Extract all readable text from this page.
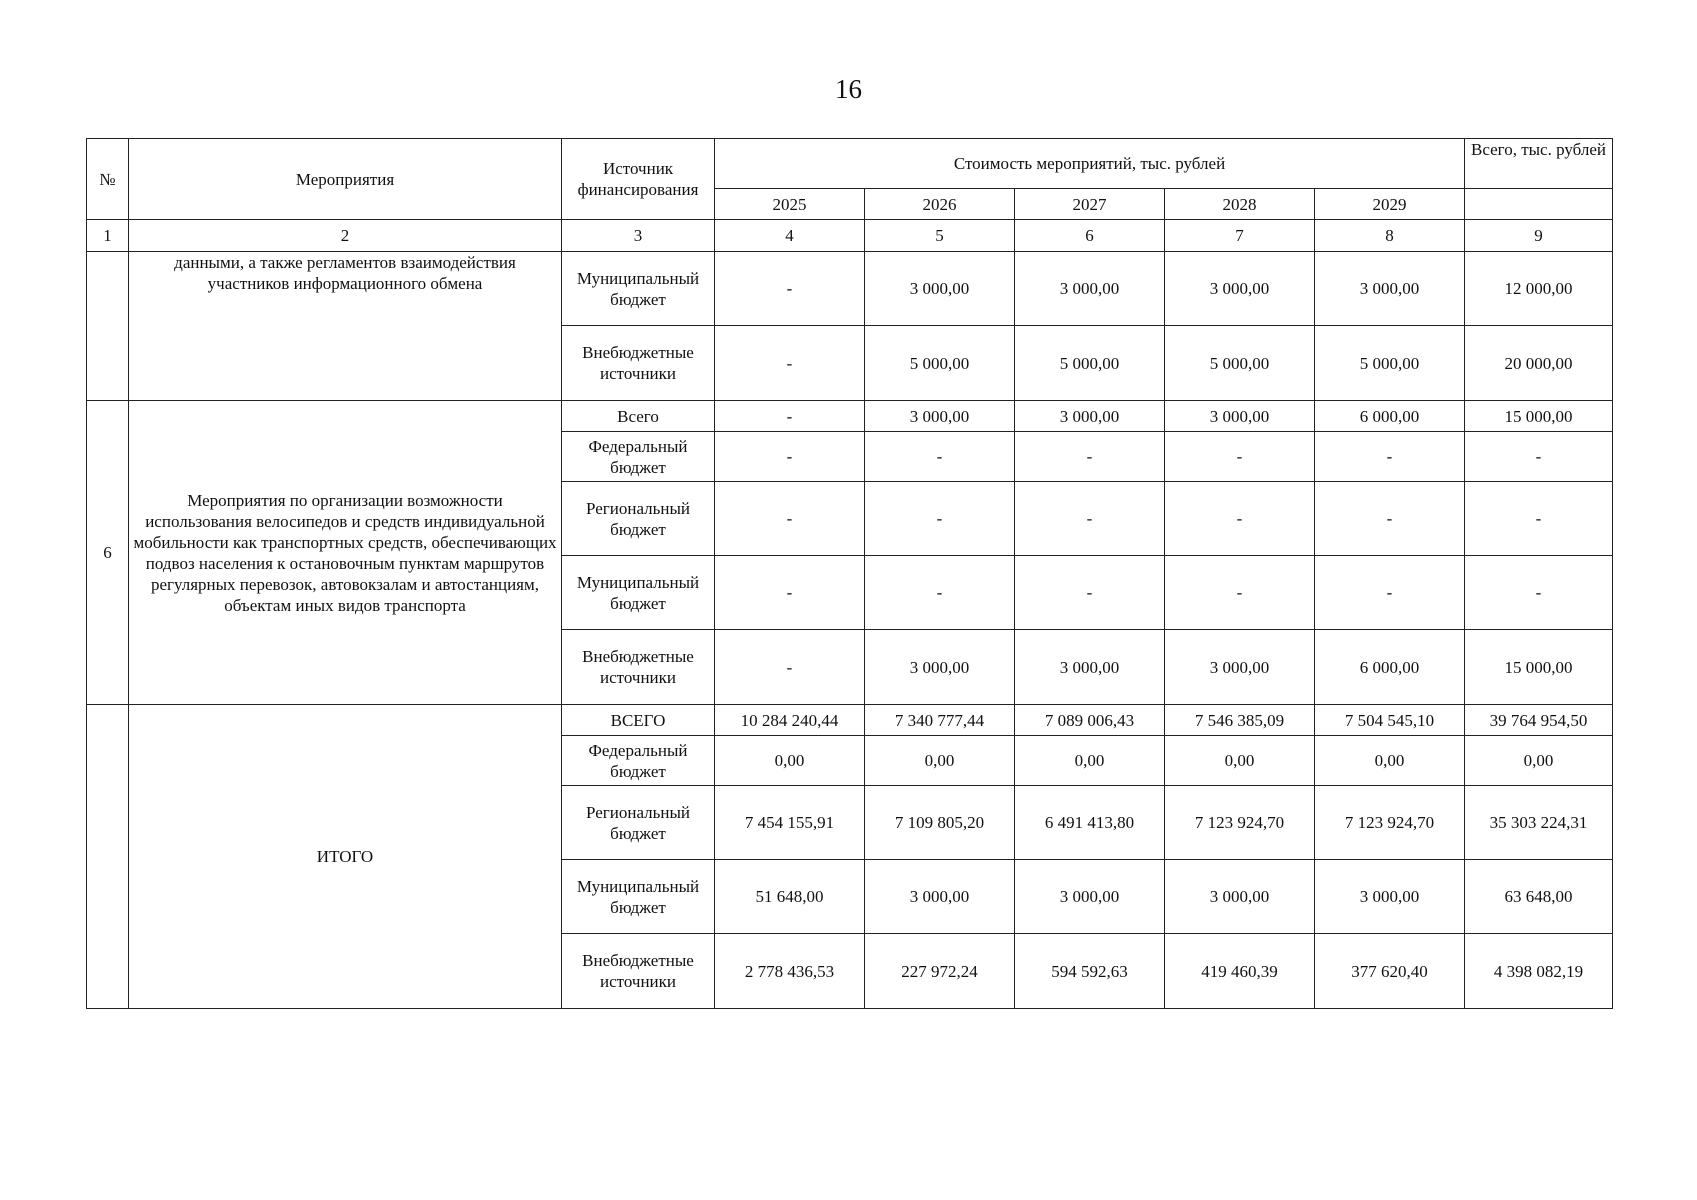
16
№	Мероприятия	Источник финансирования	Стоимость мероприятий, тыс. рублей					Всего, тыс. рублей
			2025	2026	2027	2028	2029	
1	2	3	4	5	6	7	8	9
	данными, а также регламентов взаимодействия участников информационного обмена	Муниципальный бюджет	-	3 000,00	3 000,00	3 000,00	3 000,00	12 000,00
		Внебюджетные источники	-	5 000,00	5 000,00	5 000,00	5 000,00	20 000,00
6	Мероприятия по организации возможности использования велосипедов и средств индивидуальной мобильности как транспортных средств, обеспечивающих подвоз населения к остановочным пунктам маршрутов регулярных перевозок, автовокзалам и автостанциям, объектам иных видов транспорта	Всего	-	3 000,00	3 000,00	3 000,00	6 000,00	15 000,00
		Федеральный бюджет	-	-	-	-	-	-
		Региональный бюджет	-	-	-	-	-	-
		Муниципальный бюджет	-	-	-	-	-	-
		Внебюджетные источники	-	3 000,00	3 000,00	3 000,00	6 000,00	15 000,00
	ИТОГО	ВСЕГО	10 284 240,44	7 340 777,44	7 089 006,43	7 546 385,09	7 504 545,10	39 764 954,50
		Федеральный бюджет	0,00	0,00	0,00	0,00	0,00	0,00
		Региональный бюджет	7 454 155,91	7 109 805,20	6 491 413,80	7 123 924,70	7 123 924,70	35 303 224,31
		Муниципальный бюджет	51 648,00	3 000,00	3 000,00	3 000,00	3 000,00	63 648,00
		Внебюджетные источники	2 778 436,53	227 972,24	594 592,63	419 460,39	377 620,40	4 398 082,19
